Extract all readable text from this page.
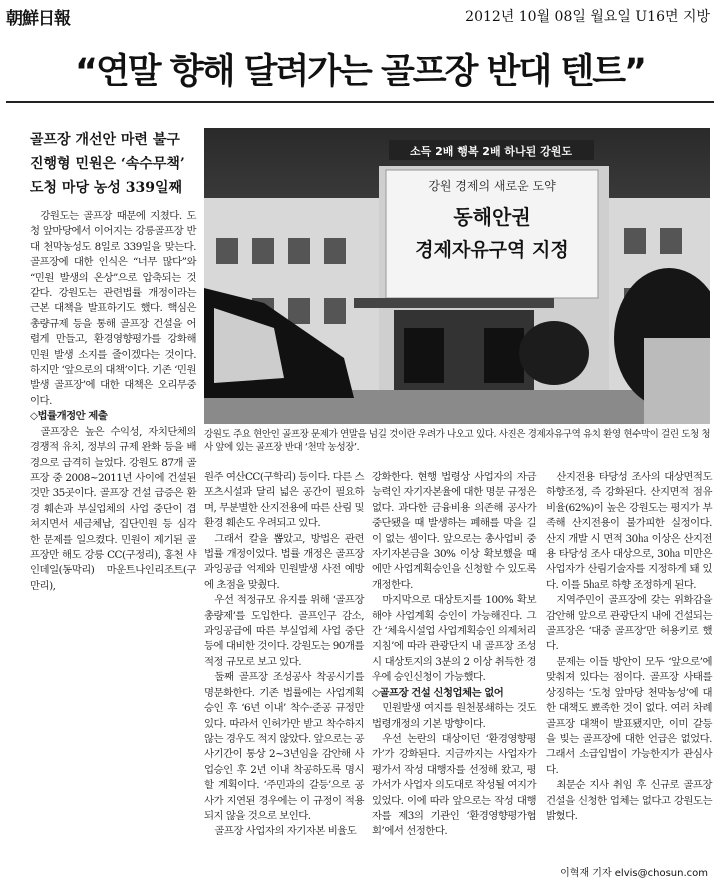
朝鮮日報	2012년 10월 08일 월요일 U16면 지방
“연말 향해 달려가는 골프장 반대 텐트”
골프장 개선안 마련 불구
진행형 민원은 ‘속수무책’
도청 마당 농성 339일째
소득 2배 행복 2배 하나된 강원도
강원 경제의 새로운 도약
동해안권
경제자유구역 지정
강원도 주요 현안인 골프장 문제가 연말을 넘길 것이란 우려가 나오고 있다. 사진은 경제자유구역 유치 환영 현수막이 걸린 도청 청사 앞에 있는 골프장 반대 ‘천막 농성장’.

강원도는 골프장 때문에 지쳤다. 도청 앞마당에서 이어지는 강릉골프장 반대 천막농성도 8일로 339일을 맞는다. 골프장에 대한 인식은 “너무 많다”와 “민원 발생의 온상”으로 압축되는 것 같다. 강원도는 관련법률 개정이라는 근본 대책을 발표하기도 했다. 핵심은 총량규제 등을 통해 골프장 건설을 어렵게 만들고, 환경영향평가를 강화해 민원 발생 소지를 줄이겠다는 것이다. 하지만 ‘앞으로의 대책’이다. 기존 ‘민원 발생 골프장’에 대한 대책은 오리무중이다.

◇법률개정안 제출

골프장은 높은 수익성, 자치단체의 경쟁적 유치, 정부의 규제 완화 등을 배경으로 급격히 늘었다. 강원도 87개 골프장 중 2008~2011년 사이에 건설된 것만 35곳이다. 골프장 건설 급증은 환경 훼손과 부실업체의 사업 중단이 겹쳐지면서 세금체납, 집단민원 등 심각한 문제를 일으켰다. 민원이 제기된 골프장만 해도 강릉 CC(구정리), 홍천 샤인데일(동막리) 마운트나인리조트(구만리),

원주 여산CC(구학리) 등이다. 다른 스포츠시설과 달리 넓은 공간이 필요하며, 무분별한 산지전용에 따른 산림 및 환경 훼손도 우려되고 있다.

그래서 칼을 뽑았고, 방법은 관련 법률 개정이었다. 법률 개정은 골프장 과잉공급 억제와 민원발생 사전 예방에 초점을 맞췄다.

우선 적정규모 유지를 위해 ‘골프장 총량제’를 도입한다. 골프인구 감소, 과잉공급에 따른 부실업체 사업 중단 등에 대비한 것이다. 강원도는 90개를 적정 규모로 보고 있다.

둘째 골프장 조성공사 착공시기를 명문화한다. 기존 법률에는 사업계획 승인 후 ‘6년 이내’ 착수·준공 규정만 있다. 따라서 인허가만 받고 착수하지 않는 경우도 적지 않았다. 앞으로는 공사기간이 통상 2~3년임을 감안해 사업승인 후 2년 이내 착공하도록 명시할 계획이다. ‘주민과의 갈등’으로 공사가 지연된 경우에는 이 규정이 적용되지 않을 것으로 보인다.

골프장 사업자의 자기자본 비율도

강화한다. 현행 법령상 사업자의 자금능력인 자기자본율에 대한 명문 규정은 없다. 과다한 금융비용 의존해 공사가 중단됐을 때 발생하는 폐해를 막을 길이 없는 셈이다. 앞으로는 총사업비 중 자기자본금을 30% 이상 확보했을 때에만 사업계획승인을 신청할 수 있도록 개정한다.

마지막으로 대상토지를 100% 확보해야 사업계획 승인이 가능해진다. 그간 ‘체육시설업 사업계획승인 의제처리 지침’에 따라 관광단지 내 골프장 조성 시 대상토지의 3분의 2 이상 취득한 경우에 승인신청이 가능했다.

◇골프장 건설 신청업체는 없어

민원발생 여지를 원천봉쇄하는 것도 법령개정의 기본 방향이다.

우선 논란의 대상이던 ‘환경영향평가’가 강화된다. 지금까지는 사업자가 평가서 작성 대행자를 선정해 왔고, 평가서가 사업자 의도대로 작성될 여지가 있었다. 이에 따라 앞으로는 작성 대행자를 제3의 기관인 ‘환경영향평가협회’에서 선정한다.

산지전용 타당성 조사의 대상면적도 하향조정, 즉 강화된다. 산지면적 점유비율(62%)이 높은 강원도는 평지가 부족해 산지전용이 불가피한 실정이다. 산지 개발 시 면적 30㏊ 이상은 산지전용 타당성 조사 대상으로, 30㏊ 미만은 사업자가 산림기술자를 지정하게 돼 있다. 이를 5㏊로 하향 조정하게 된다.

지역주민이 골프장에 갖는 위화감을 감안해 앞으로 관광단지 내에 건설되는 골프장은 ‘대중 골프장’만 허용키로 했다.

문제는 이들 방안이 모두 ‘앞으로’에 맞춰져 있다는 점이다. 골프장 사태를 상징하는 ‘도청 앞마당 천막농성’에 대한 대책도 뾰족한 것이 없다. 여러 차례 골프장 대책이 발표됐지만, 이미 갈등을 빚는 골프장에 대한 언급은 없었다. 그래서 소급입법이 가능한지가 관심사다.

최문순 지사 취임 후 신규로 골프장 건설을 신청한 업체는 없다고 강원도는 밝혔다.

이혁재 기자 elvis@chosun.com
